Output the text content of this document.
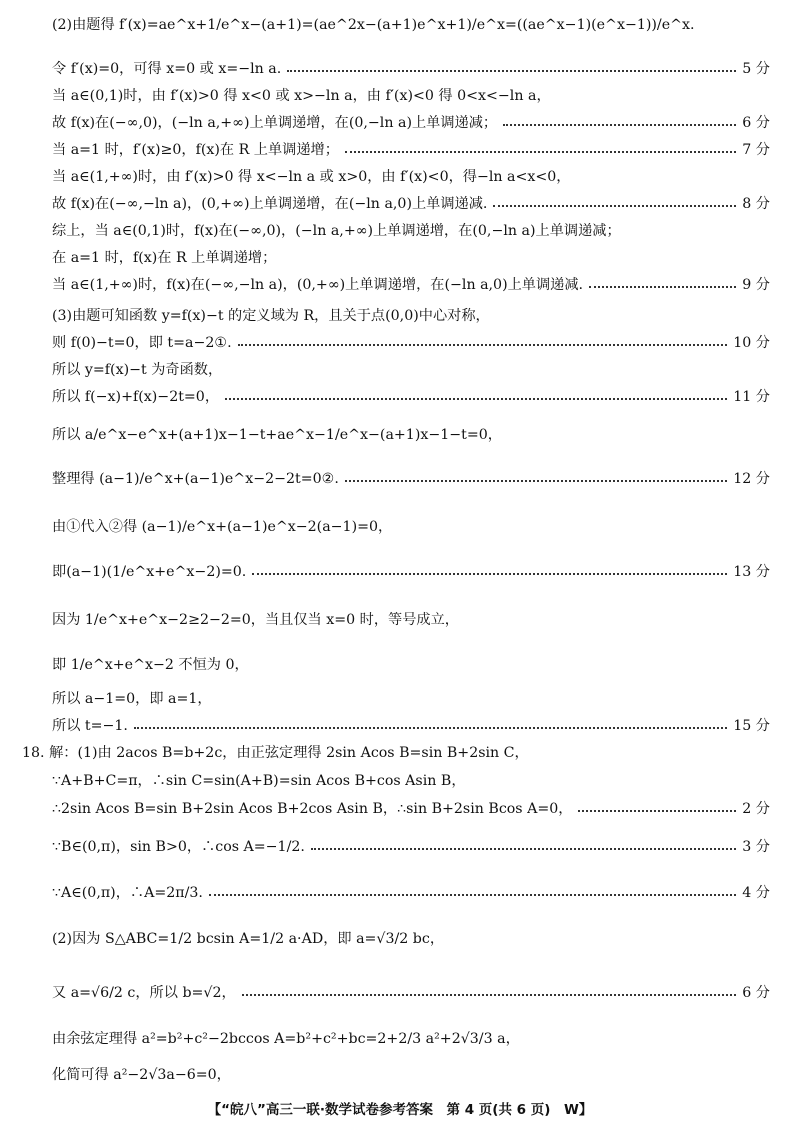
(2)由题得 f′(x)=ae^x+1/e^x−(a+1)=(ae^2x−(a+1)e^x+1)/e^x=((ae^x−1)(e^x−1))/e^x.
令 f′(x)=0，可得 x=0 或 x=−ln a.	5 分
当 a∈(0,1)时，由 f′(x)>0 得 x<0 或 x>−ln a，由 f′(x)<0 得 0<x<−ln a，
故 f(x)在(−∞,0)，(−ln a,+∞)上单调递增，在(0,−ln a)上单调递减；	6 分
当 a=1 时，f′(x)≥0，f(x)在 R 上单调递增；	7 分
当 a∈(1,+∞)时，由 f′(x)>0 得 x<−ln a 或 x>0，由 f′(x)<0，得−ln a<x<0，
故 f(x)在(−∞,−ln a)，(0,+∞)上单调递增，在(−ln a,0)上单调递减.	8 分
综上，当 a∈(0,1)时，f(x)在(−∞,0)，(−ln a,+∞)上单调递增，在(0,−ln a)上单调递减；
在 a=1 时，f(x)在 R 上单调递增；
当 a∈(1,+∞)时，f(x)在(−∞,−ln a)，(0,+∞)上单调递增，在(−ln a,0)上单调递减.	9 分
(3)由题可知函数 y=f(x)−t 的定义域为 R，且关于点(0,0)中心对称，
则 f(0)−t=0，即 t=a−2①.	10 分
所以 y=f(x)−t 为奇函数，
所以 f(−x)+f(x)−2t=0，	11 分
所以 a/e^x−e^x+(a+1)x−1−t+ae^x−1/e^x−(a+1)x−1−t=0，
整理得 (a−1)/e^x+(a−1)e^x−2−2t=0②.	12 分
由①代入②得 (a−1)/e^x+(a−1)e^x−2(a−1)=0，
即(a−1)(1/e^x+e^x−2)=0.	13 分
因为 1/e^x+e^x−2≥2−2=0，当且仅当 x=0 时，等号成立，
即 1/e^x+e^x−2 不恒为 0，
所以 a−1=0，即 a=1，
所以 t=−1.	15 分
18. 解：(1)由 2acos B=b+2c，由正弦定理得 2sin Acos B=sin B+2sin C，
∵A+B+C=π，∴sin C=sin(A+B)=sin Acos B+cos Asin B，
∴2sin Acos B=sin B+2sin Acos B+2cos Asin B，∴sin B+2sin Bcos A=0，	2 分
∵B∈(0,π)，sin B>0，∴cos A=−1/2.	3 分
∵A∈(0,π)，∴A=2π/3.	4 分
(2)因为 S△ABC=1/2 bcsin A=1/2 a·AD，即 a=√3/2 bc，
又 a=√6/2 c，所以 b=√2，	6 分
由余弦定理得 a²=b²+c²−2bccos A=b²+c²+bc=2+2/3 a²+2√3/3 a，
化简可得 a²−2√3a−6=0，
【“皖八”高三一联·数学试卷参考答案　第 4 页(共 6 页)　W】
